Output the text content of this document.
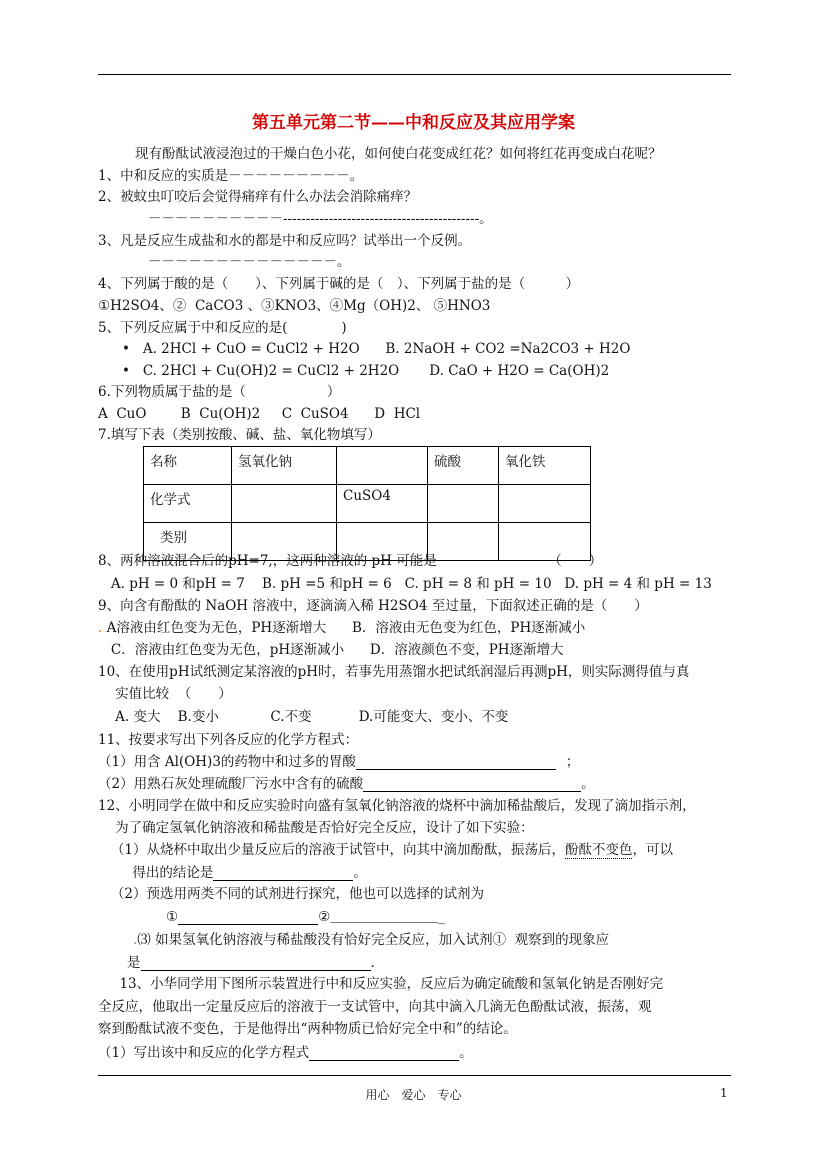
第五单元第二节——中和反应及其应用学案
现有酚酞试液浸泡过的干燥白色小花，如何使白花变成红花？如何将红花再变成白花呢？
1、中和反应的实质是－－－－－－－－－。
2、被蚊虫叮咬后会觉得痛痒有什么办法会消除痛痒？
－－－－－－－－－－-------------------------------------------。
3、凡是反应生成盐和水的都是中和反应吗？试举出一个反例。
－－－－－－－－－－－－－－。
4、下列属于酸的是（　　）、下列属于碱的是（　）、下列属于盐的是（　　　）
①H2SO4、②  CaCO3 、③KNO3、④Mg（OH)2、 ⑤HNO3
5、下列反应属于中和反应的是(　　　　)
•   A. 2HCl + CuO = CuCl2 + H2O      B. 2NaOH + CO2 =Na2CO3 + H2O
•   C. 2HCl + Cu(OH)2 = CuCl2 + 2H2O       D. CaO + H2O = Ca(OH)2
6.下列物质属于盐的是（　　　　　　）
A  CuO        B  Cu(OH)2     C  CuSO4      D  HCl
7.填写下表（类别按酸、碱、盐、氧化物填写）
名称	氢氧化钠		硫酸	氧化铁
化学式		CuSO4		
类别				
8、两种溶液混合后的pH=7,，这两种溶液的 pH 可能是                          （　　）
A. pH = 0 和pH = 7    B. pH =5 和pH = 6   C. pH = 8 和 pH = 10   D. pH = 4 和 pH = 13
9、向含有酚酞的 NaOH 溶液中，逐滴滴入稀 H2SO4 至过量，下面叙述正确的是（　　）
. A溶液由红色变为无色，PH逐渐增大      B．溶液由无色变为红色，PH逐渐减小
C．溶液由红色变为无色，pH逐渐减小      D．溶液颜色不变，PH逐渐增大
10、在使用pH试纸测定某溶液的pH时，若事先用蒸馏水把试纸润湿后再测pH，则实际测得值与真
实值比较  （　　）
A. 变大    B.变小            C.不变           D.可能变大、变小、不变
11、按要求写出下列各反应的化学方程式：
（1）用含 Al(OH)3的药物中和过多的胃酸	；
（2）用熟石灰处理硫酸厂污水中含有的硫酸	。
12、小明同学在做中和反应实验时向盛有氢氧化钠溶液的烧杯中滴加稀盐酸后，发现了滴加指示剂，
为了确定氢氧化钠溶液和稀盐酸是否恰好完全反应，设计了如下实验：
（1）从烧杯中取出少量反应后的溶液于试管中，向其中滴加酚酞，振荡后，酚酞不变色，可以
得出的结论是	。
（2）预选用两类不同的试剂进行探究，他也可以选择的试剂为
①	②＿＿＿＿＿＿＿＿_
.⑶ 如果氢氧化钠溶液与稀盐酸没有恰好完全反应，加入试剂①  观察到的现象应
是	.
13、小华同学用下图所示装置进行中和反应实验，反应后为确定硫酸和氢氧化钠是否刚好完
全反应，他取出一定量反应后的溶液于一支试管中，向其中滴入几滴无色酚酞试液，振荡，观
察到酚酞试液不变色，于是他得出“两种物质已恰好完全中和”的结论。
（1）写出该中和反应的化学方程式	。
用心　爱心　专心	1
